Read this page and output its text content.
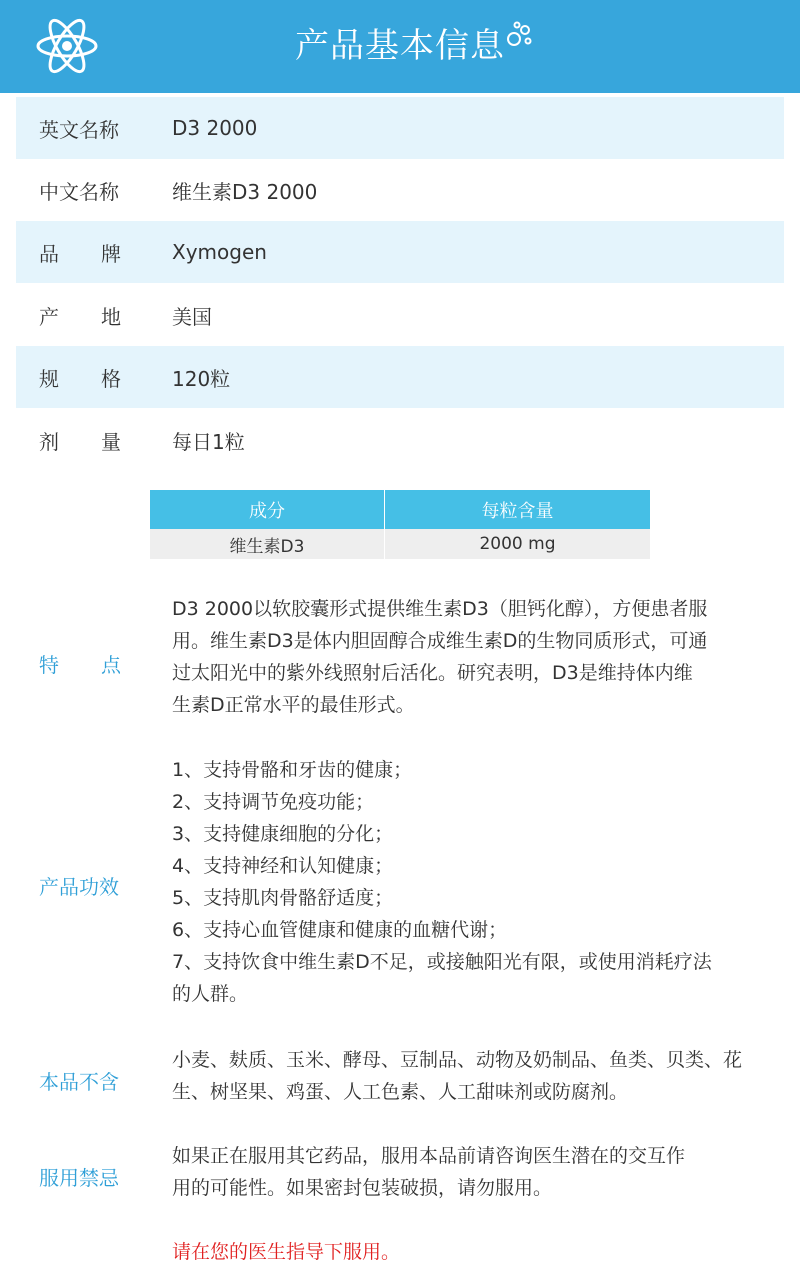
产品基本信息
英文名称	D3 2000
中文名称	维生素D3 2000
品 牌	Xymogen
产 地	美国
规 格	120粒
剂 量	每日1粒
成 分	每粒含量
维生素D3	2000 mg
特 点
D3 2000以软胶囊形式提供维生素D3（胆钙化醇），方便患者服
用。维生素D3是体内胆固醇合成维生素D的生物同质形式，可通
过太阳光中的紫外线照射后活化。研究表明，D3是维持体内维
生素D正常水平的最佳形式。
产品功效
1、支持骨骼和牙齿的健康；
2、支持调节免疫功能；
3、支持健康细胞的分化；
4、支持神经和认知健康；
5、支持肌肉骨骼舒适度；
6、支持心血管健康和健康的血糖代谢；
7、支持饮食中维生素D不足，或接触阳光有限，或使用消耗疗法
的人群。
本品不含
小麦、麸质、玉米、酵母、豆制品、动物及奶制品、鱼类、贝类、花
生、树坚果、鸡蛋、人工色素、人工甜味剂或防腐剂。
服用禁忌
如果正在服用其它药品，服用本品前请咨询医生潜在的交互作
用的可能性。如果密封包装破损，请勿服用。
请在您的医生指导下服用。
